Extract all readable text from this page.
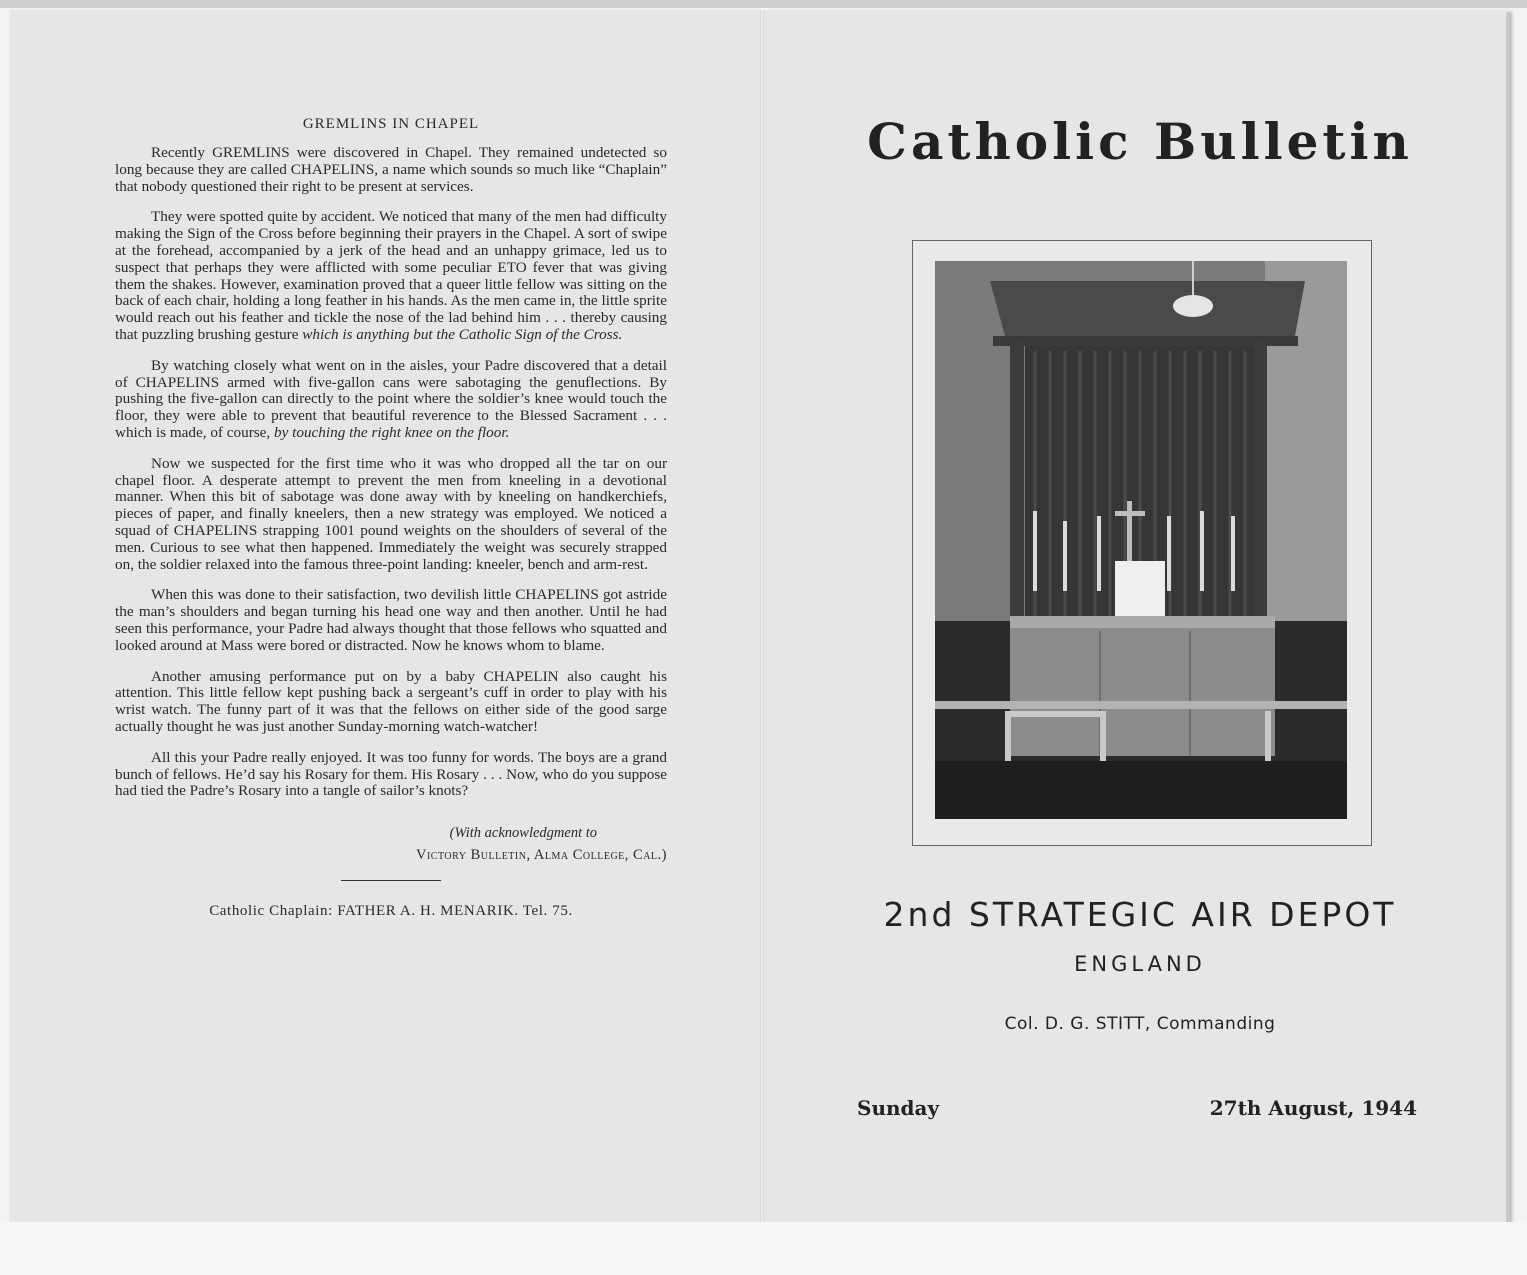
GREMLINS IN CHAPEL

Recently GREMLINS were discovered in Chapel. They remained undetected so long because they are called CHAPELINS, a name which sounds so much like “Chaplain” that nobody questioned their right to be present at services.

They were spotted quite by accident. We noticed that many of the men had difficulty making the Sign of the Cross before beginning their prayers in the Chapel. A sort of swipe at the forehead, accompanied by a jerk of the head and an unhappy grimace, led us to suspect that perhaps they were afflicted with some peculiar ETO fever that was giving them the shakes. However, examination proved that a queer little fellow was sitting on the back of each chair, holding a long feather in his hands. As the men came in, the little sprite would reach out his feather and tickle the nose of the lad behind him . . . thereby causing that puzzling brushing gesture which is anything but the Catholic Sign of the Cross.

By watching closely what went on in the aisles, your Padre discovered that a detail of CHAPELINS armed with five-gallon cans were sabotaging the genuflections. By pushing the five-gallon can directly to the point where the soldier’s knee would touch the floor, they were able to prevent that beautiful reverence to the Blessed Sacrament . . . which is made, of course, by touching the right knee on the floor.

Now we suspected for the first time who it was who dropped all the tar on our chapel floor. A desperate attempt to prevent the men from kneeling in a devotional manner. When this bit of sabotage was done away with by kneeling on handkerchiefs, pieces of paper, and finally kneelers, then a new strategy was employed. We noticed a squad of CHAPELINS strapping 1001 pound weights on the shoulders of several of the men. Curious to see what then happened. Immediately the weight was securely strapped on, the soldier relaxed into the famous three-point landing: kneeler, bench and arm-rest.

When this was done to their satisfaction, two devilish little CHAPELINS got astride the man’s shoulders and began turning his head one way and then another. Until he had seen this performance, your Padre had always thought that those fellows who squatted and looked around at Mass were bored or distracted. Now he knows whom to blame.

Another amusing performance put on by a baby CHAPELIN also caught his attention. This little fellow kept pushing back a sergeant’s cuff in order to play with his wrist watch. The funny part of it was that the fellows on either side of the good sarge actually thought he was just another Sunday-morning watch-watcher!

All this your Padre really enjoyed. It was too funny for words. The boys are a grand bunch of fellows. He’d say his Rosary for them. His Rosary . . . Now, who do you suppose had tied the Padre’s Rosary into a tangle of sailor’s knots?

(With acknowledgment to
Victory Bulletin, Alma College, Cal.)
Catholic Chaplain: FATHER A. H. MENARIK. Tel. 75.
Catholic Bulletin
2nd STRATEGIC AIR DEPOT
ENGLAND
Col. D. G. STITT, Commanding
Sunday	27th August, 1944
